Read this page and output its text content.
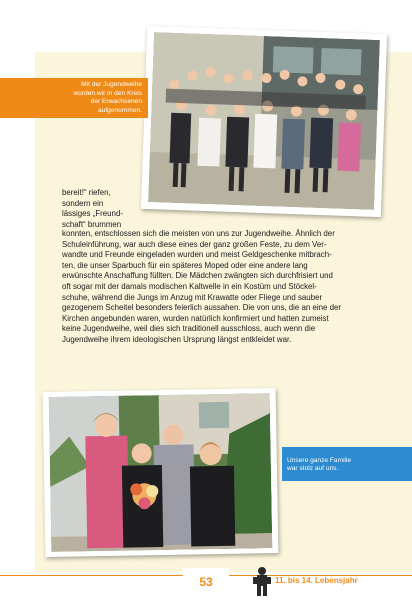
Mit der Jugendweihe
wurden wir in den Kreis
der Erwachsenen
aufgenommen.
bereit!“ riefen,
sondern ein
lässiges „Freund-
schaft“ brummen
konnten, entschlossen sich die meisten von uns zur Jugendweihe. Ähnlich der
Schuleinführung, war auch diese eines der ganz großen Feste, zu dem Ver-
wandte und Freunde eingeladen wurden und meist Geldgeschenke mitbrach-
ten, die unser Sparbuch für ein späteres Moped oder eine andere lang
erwünschte Anschaffung füllten. Die Mädchen zwängten sich durchfrisiert und
oft sogar mit der damals modischen Kaltwelle in ein Kostüm und Stöckel-
schuhe, während die Jungs im Anzug mit Krawatte oder Fliege und sauber
gezogenem Scheitel besonders feierlich aussahen. Die von uns, die an eine der
Kirchen angebunden waren, wurden natürlich konfirmiert und hatten zumeist
keine Jugendweihe, weil dies sich traditionell ausschloss, auch wenn die
Jugendweihe ihrem ideologischen Ursprung längst entkleidet war.
Unsere ganze Familie
war stolz auf uns.
53	11. bis 14. Lebensjahr
